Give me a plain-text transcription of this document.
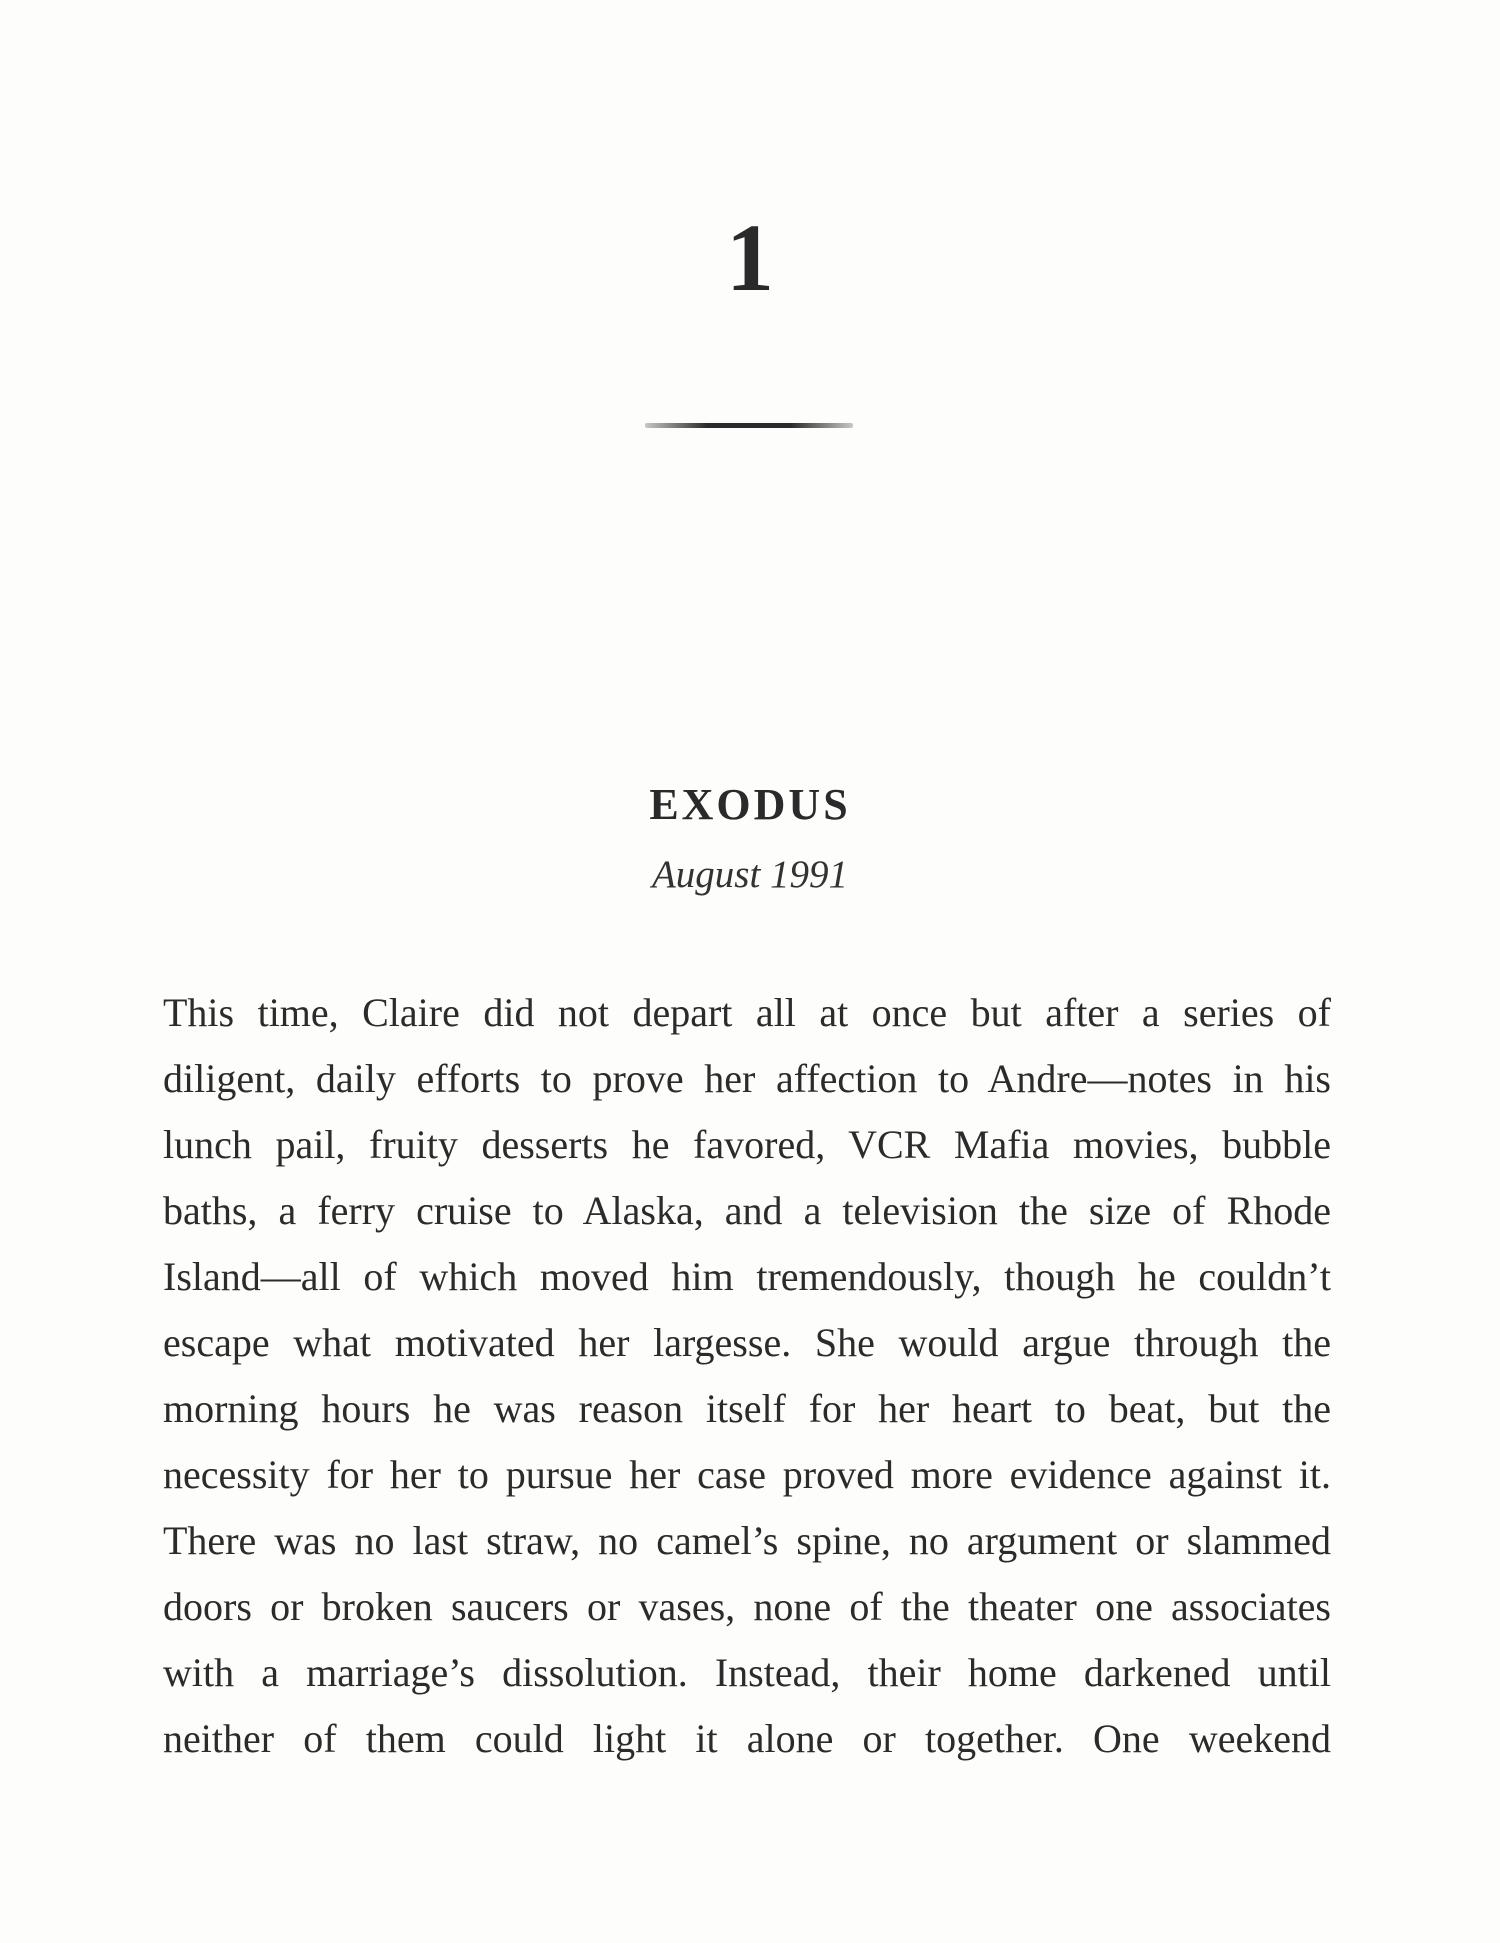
1
EXODUS
August 1991

This time, Claire did not depart all at once but after a series of
diligent, daily efforts to prove her affection to Andre—notes in his
lunch pail, fruity desserts he favored, VCR Mafia movies, bubble
baths, a ferry cruise to Alaska, and a television the size of Rhode
Island—all of which moved him tremendously, though he couldn’t
escape what motivated her largesse. She would argue through the
morning hours he was reason itself for her heart to beat, but the
necessity for her to pursue her case proved more evidence against it.
There was no last straw, no camel’s spine, no argument or slammed
doors or broken saucers or vases, none of the theater one associates
with a marriage’s dissolution. Instead, their home darkened until
neither of them could light it alone or together. One weekend
